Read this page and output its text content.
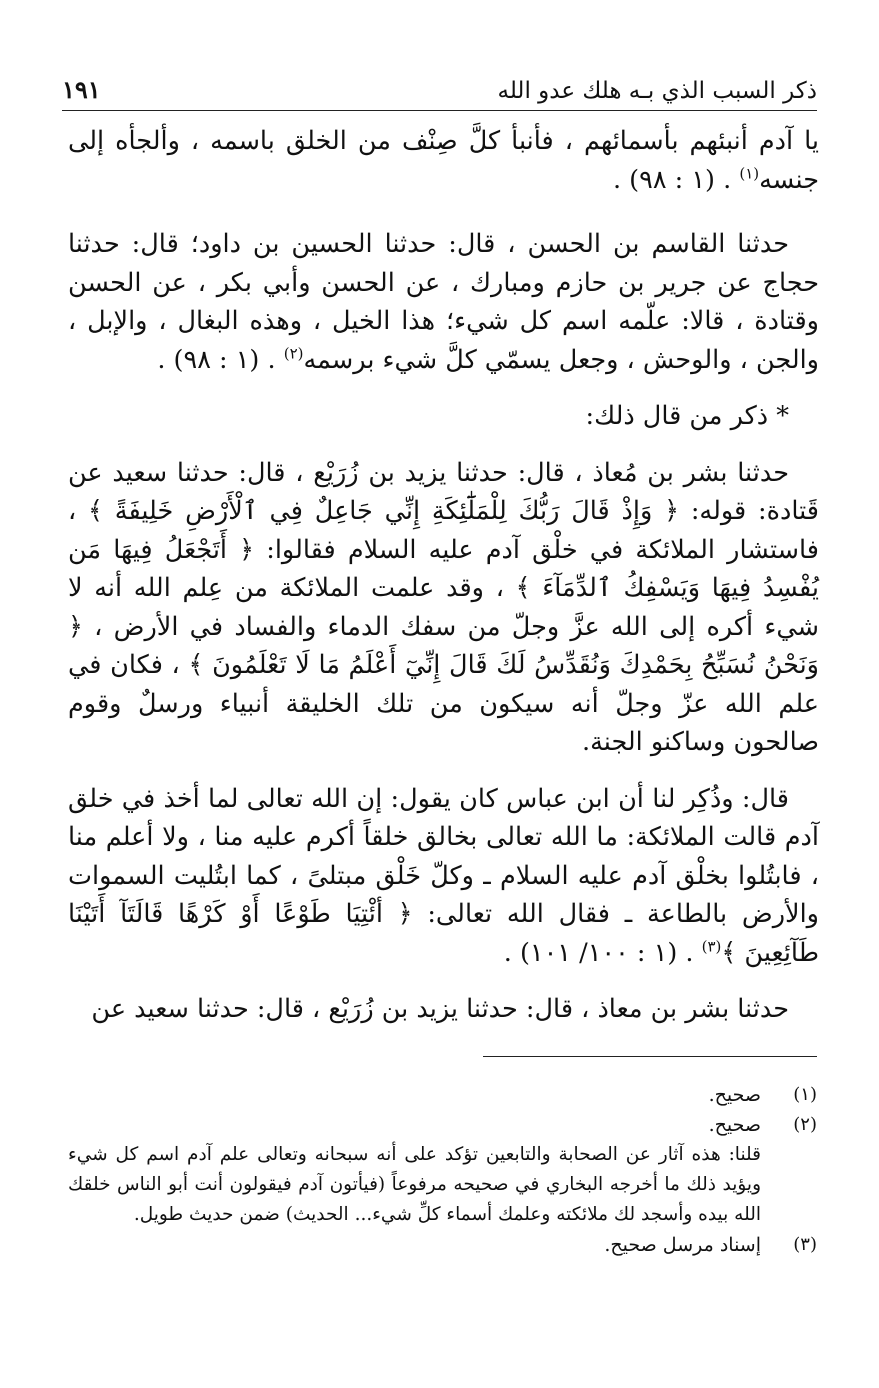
ذكر السبب الذي بـه هلك عدو الله
١٩١

يا آدم أنبئهم بأسمائهم ، فأنبأ كلَّ صِنْف من الخلق باسمه ، وألجأه إلى جنسه$^{(١)}$ . (١ : ٩٨) .

حدثنا القاسم بن الحسن ، قال: حدثنا الحسين بن داود؛ قال: حدثنا حجاج عن جرير بن حازم ومبارك ، عن الحسن وأبي بكر ، عن الحسن وقتادة ، قالا: علّمه اسم كل شيء؛ هذا الخيل ، وهذه البغال ، والإبل ، والجن ، والوحش ، وجعل يسمّي كلَّ شيء برسمه$^{(٢)}$ . (١ : ٩٨) .

* ذكر من قال ذلك:

حدثنا بشر بن مُعاذ ، قال: حدثنا يزيد بن زُرَيْع ، قال: حدثنا سعيد عن قَتادة: قوله: ﴿ وَإِذْ قَالَ رَبُّكَ لِلْمَلَٰٓئِكَةِ إِنِّي جَاعِلٌ فِي ٱلْأَرْضِ خَلِيفَةً ﴾ ، فاستشار الملائكة في خلْق آدم عليه السلام فقالوا: ﴿ أَتَجْعَلُ فِيهَا مَن يُفْسِدُ فِيهَا وَيَسْفِكُ ٱلدِّمَآءَ ﴾ ، وقد علمت الملائكة من عِلم الله أنه لا شيء أكره إلى الله عزَّ وجلّ من سفك الدماء والفساد في الأرض ، ﴿ وَنَحْنُ نُسَبِّحُ بِحَمْدِكَ وَنُقَدِّسُ لَكَ قَالَ إِنِّيٓ أَعْلَمُ مَا لَا تَعْلَمُونَ ﴾ ، فكان في علم الله عزّ وجلّ أنه سيكون من تلك الخليقة أنبياء ورسلٌ وقوم صالحون وساكنو الجنة.

قال: وذُكِر لنا أن ابن عباس كان يقول: إن الله تعالى لما أخذ في خلق آدم قالت الملائكة: ما الله تعالى بخالق خلقاً أكرم عليه منا ، ولا أعلم منا ، فابتُلوا بخلْق آدم عليه السلام ـ وكلّ خَلْق مبتلىً ، كما ابتُليت السموات والأرض بالطاعة ـ فقال الله تعالى: ﴿ أئْتِيَا طَوْعًا أَوْ كَرْهًا قَالَتَآ أَتَيْنَا طَآئِعِينَ ﴾$^{(٣)}$ . (١ : ١٠٠/ ١٠١) .

حدثنا بشر بن معاذ ، قال: حدثنا يزيد بن زُرَيْع ، قال: حدثنا سعيد عن

(١)
صحيح.
(٢)
صحيح.
قلنا: هذه آثار عن الصحابة والتابعين تؤكد على أنه سبحانه وتعالى علم آدم اسم كل شيء ويؤيد ذلك ما أخرجه البخاري في صحيحه مرفوعاً (فيأتون آدم فيقولون أنت أبو الناس خلقك الله بيده وأسجد لك ملائكته وعلمك أسماء كلِّ شيء... الحديث) ضمن حديث طويل.
(٣)
إسناد مرسل صحيح.
